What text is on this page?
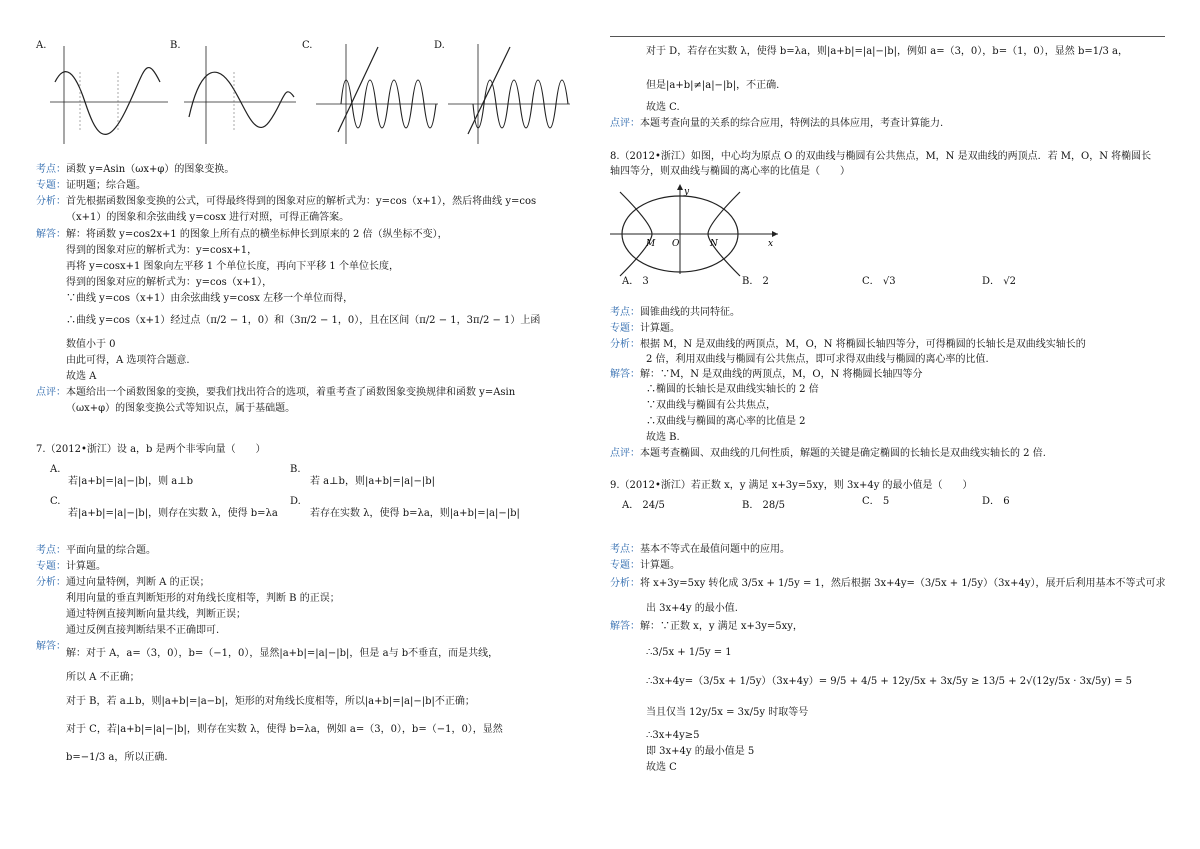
A.	B.	C.	D.
考点：函数 y=Asin（ωx+φ）的图象变换。
专题：证明题；综合题。
分析：首先根据函数图象变换的公式，可得最终得到的图象对应的解析式为：y=cos（x+1），然后将曲线 y=cos
（x+1）的图象和余弦曲线 y=cosx 进行对照，可得正确答案。
解答：解：将函数 y=cos2x+1 的图象上所有点的横坐标伸长到原来的 2 倍（纵坐标不变），
得到的图象对应的解析式为：y=cosx+1，
再将 y=cosx+1 图象向左平移 1 个单位长度，再向下平移 1 个单位长度，
得到的图象对应的解析式为：y=cos（x+1），
∵曲线 y=cos（x+1）由余弦曲线 y=cosx 左移一个单位而得，
∴曲线 y=cos（x+1）经过点（π/2 − 1，0）和（3π/2 − 1，0），且在区间（π/2 − 1，3π/2 − 1）上函
数值小于 0
由此可得，A 选项符合题意.
故选 A
点评：本题给出一个函数图象的变换，要我们找出符合的选项，着重考查了函数图象变换规律和函数 y=Asin
（ωx+φ）的图象变换公式等知识点，属于基础题。
7.（2012•浙江）设 a，b 是两个非零向量（　　）
A.
若|a+b|=|a|−|b|，则 a⊥b
B.
若 a⊥b，则|a+b|=|a|−|b|
C.
若|a+b|=|a|−|b|，则存在实数 λ，使得 b=λa
D.
若存在实数 λ，使得 b=λa，则|a+b|=|a|−|b|
考点：平面向量的综合题。
专题：计算题。
分析：通过向量特例，判断 A 的正误；
利用向量的垂直判断矩形的对角线长度相等，判断 B 的正误；
通过特例直接判断向量共线，判断正误；
通过反例直接判断结果不正确即可.
解答：
解：对于 A，a=（3，0），b=（−1，0），显然|a+b|=|a|−|b|，但是 a与 b不垂直，而是共线，
所以 A 不正确；
对于 B，若 a⊥b，则|a+b|=|a−b|，矩形的对角线长度相等，所以|a+b|=|a|−|b|不正确；
对于 C，若|a+b|=|a|−|b|，则存在实数 λ，使得 b=λa，例如 a=（3，0），b=（−1，0），显然
b=−1/3 a，所以正确.
对于 D，若存在实数 λ，使得 b=λa，则|a+b|=|a|−|b|，例如 a=（3，0），b=（1，0），显然 b=1/3 a，
但是|a+b|≠|a|−|b|，不正确.
故选 C.
点评：本题考查向量的关系的综合应用，特例法的具体应用，考查计算能力.
8.（2012•浙江）如图，中心均为原点 O 的双曲线与椭圆有公共焦点，M，N 是双曲线的两顶点．若 M，O，N 将椭圆长
轴四等分，则双曲线与椭圆的离心率的比值是（　　）
y
x
M O	N
A． 3	B． 2	C． √3	D． √2
考点：圆锥曲线的共同特征。
专题：计算题。
分析：根据 M，N 是双曲线的两顶点，M，O，N 将椭圆长轴四等分，可得椭圆的长轴长是双曲线实轴长的
2 倍，利用双曲线与椭圆有公共焦点，即可求得双曲线与椭圆的离心率的比值.
解答：解：∵M，N 是双曲线的两顶点，M，O，N 将椭圆长轴四等分
∴椭圆的长轴长是双曲线实轴长的 2 倍
∵双曲线与椭圆有公共焦点，
∴双曲线与椭圆的离心率的比值是 2
故选 B.
点评：本题考查椭圆、双曲线的几何性质，解题的关键是确定椭圆的长轴长是双曲线实轴长的 2 倍.
9.（2012•浙江）若正数 x，y 满足 x+3y=5xy，则 3x+4y 的最小值是（　　）
A． 24/5	B． 28/5	C． 5	D． 6
考点：基本不等式在最值问题中的应用。
专题：计算题。
分析：将 x+3y=5xy 转化成 3/5x + 1/5y = 1，然后根据 3x+4y=（3/5x + 1/5y）（3x+4y），展开后利用基本不等式可求
出 3x+4y 的最小值.
解答：解：∵正数 x，y 满足 x+3y=5xy，
∴3/5x + 1/5y = 1
∴3x+4y=（3/5x + 1/5y）（3x+4y）= 9/5 + 4/5 + 12y/5x + 3x/5y ≥ 13/5 + 2√(12y/5x · 3x/5y) = 5
当且仅当 12y/5x = 3x/5y 时取等号
∴3x+4y≥5
即 3x+4y 的最小值是 5
故选 C
